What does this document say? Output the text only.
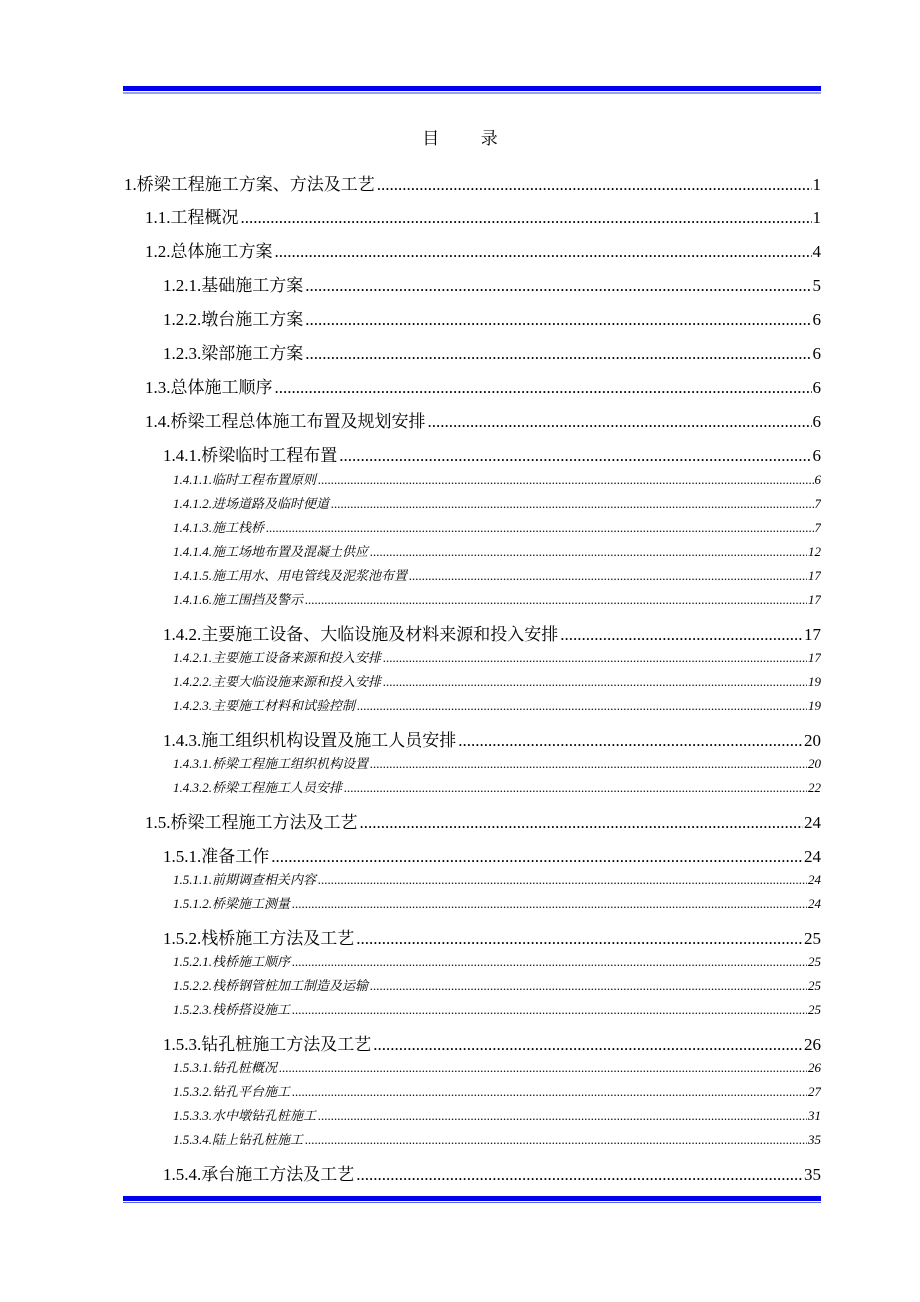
目 录
1.桥梁工程施工方案、方法及工艺 .....	1
1.1.工程概况 .....	1
1.2.总体施工方案 .....	4
1.2.1.基础施工方案 .....	5
1.2.2.墩台施工方案 .....	6
1.2.3.梁部施工方案 .....	6
1.3.总体施工顺序 .....	6
1.4.桥梁工程总体施工布置及规划安排 .....	6
1.4.1.桥梁临时工程布置 .....	6
1.4.1.1.临时工程布置原则 .....	6
1.4.1.2.进场道路及临时便道 .....	7
1.4.1.3.施工栈桥 .....	7
1.4.1.4.施工场地布置及混凝土供应 .....	12
1.4.1.5.施工用水、用电管线及泥浆池布置 .....	17
1.4.1.6.施工围挡及警示 .....	17
1.4.2.主要施工设备、大临设施及材料来源和投入安排 .....	17
1.4.2.1.主要施工设备来源和投入安排 .....	17
1.4.2.2.主要大临设施来源和投入安排 .....	19
1.4.2.3.主要施工材料和试验控制 .....	19
1.4.3.施工组织机构设置及施工人员安排 .....	20
1.4.3.1.桥梁工程施工组织机构设置 .....	20
1.4.3.2.桥梁工程施工人员安排 .....	22
1.5.桥梁工程施工方法及工艺 .....	24
1.5.1.准备工作 .....	24
1.5.1.1.前期调查相关内容 .....	24
1.5.1.2.桥梁施工测量 .....	24
1.5.2.栈桥施工方法及工艺 .....	25
1.5.2.1.栈桥施工顺序 .....	25
1.5.2.2.栈桥钢管桩加工制造及运输 .....	25
1.5.2.3.栈桥搭设施工 .....	25
1.5.3.钻孔桩施工方法及工艺 .....	26
1.5.3.1.钻孔桩概况 .....	26
1.5.3.2.钻孔平台施工 .....	27
1.5.3.3.水中墩钻孔桩施工 .....	31
1.5.3.4.陆上钻孔桩施工 .....	35
1.5.4.承台施工方法及工艺 .....	35
